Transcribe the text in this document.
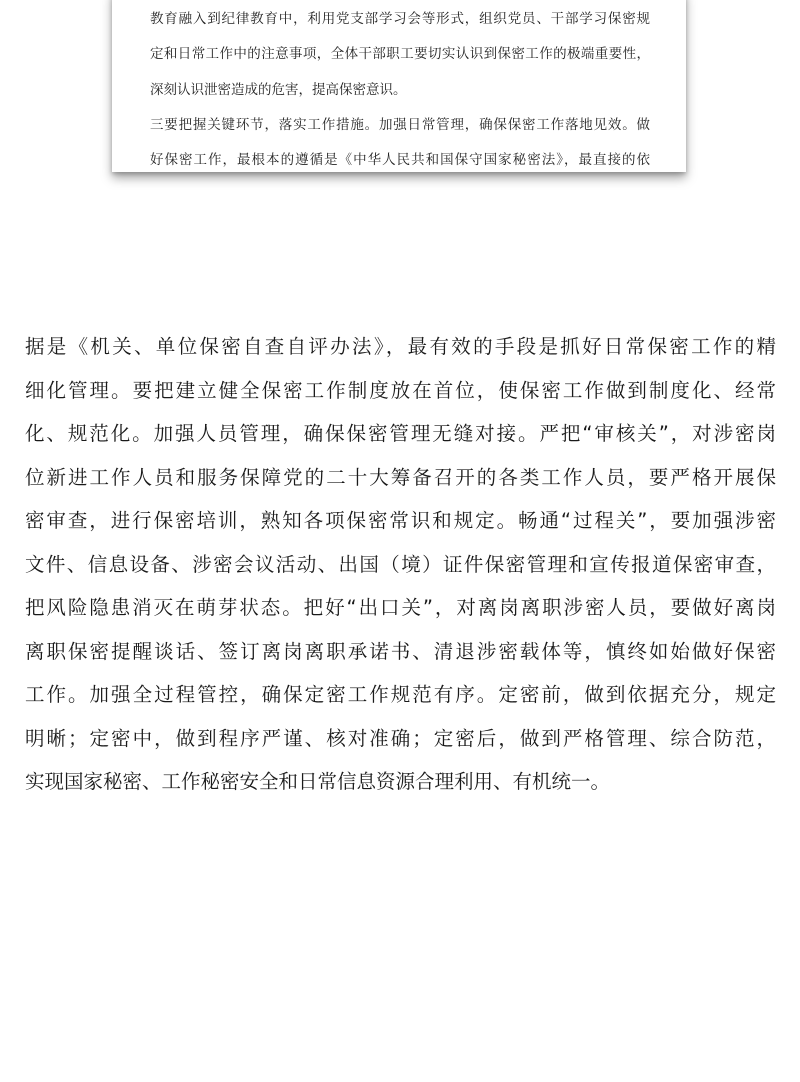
教育融入到纪律教育中，利用党支部学习会等形式，组织党员、干部学习保密规
定和日常工作中的注意事项，全体干部职工要切实认识到保密工作的极端重要性，
深刻认识泄密造成的危害，提高保密意识。
三要把握关键环节，落实工作措施。加强日常管理，确保保密工作落地见效。做
好保密工作，最根本的遵循是《中华人民共和国保守国家秘密法》，最直接的依
据是《机关、单位保密自查自评办法》，最有效的手段是抓好日常保密工作的精
细化管理。要把建立健全保密工作制度放在首位，使保密工作做到制度化、经常
化、规范化。加强人员管理，确保保密管理无缝对接。严把“审核关”，对涉密岗
位新进工作人员和服务保障党的二十大筹备召开的各类工作人员，要严格开展保
密审查，进行保密培训，熟知各项保密常识和规定。畅通“过程关”，要加强涉密
文件、信息设备、涉密会议活动、出国（境）证件保密管理和宣传报道保密审查，
把风险隐患消灭在萌芽状态。把好“出口关”，对离岗离职涉密人员，要做好离岗
离职保密提醒谈话、签订离岗离职承诺书、清退涉密载体等，慎终如始做好保密
工作。加强全过程管控，确保定密工作规范有序。定密前，做到依据充分，规定
明晰；定密中，做到程序严谨、核对准确；定密后，做到严格管理、综合防范，
实现国家秘密、工作秘密安全和日常信息资源合理利用、有机统一。
